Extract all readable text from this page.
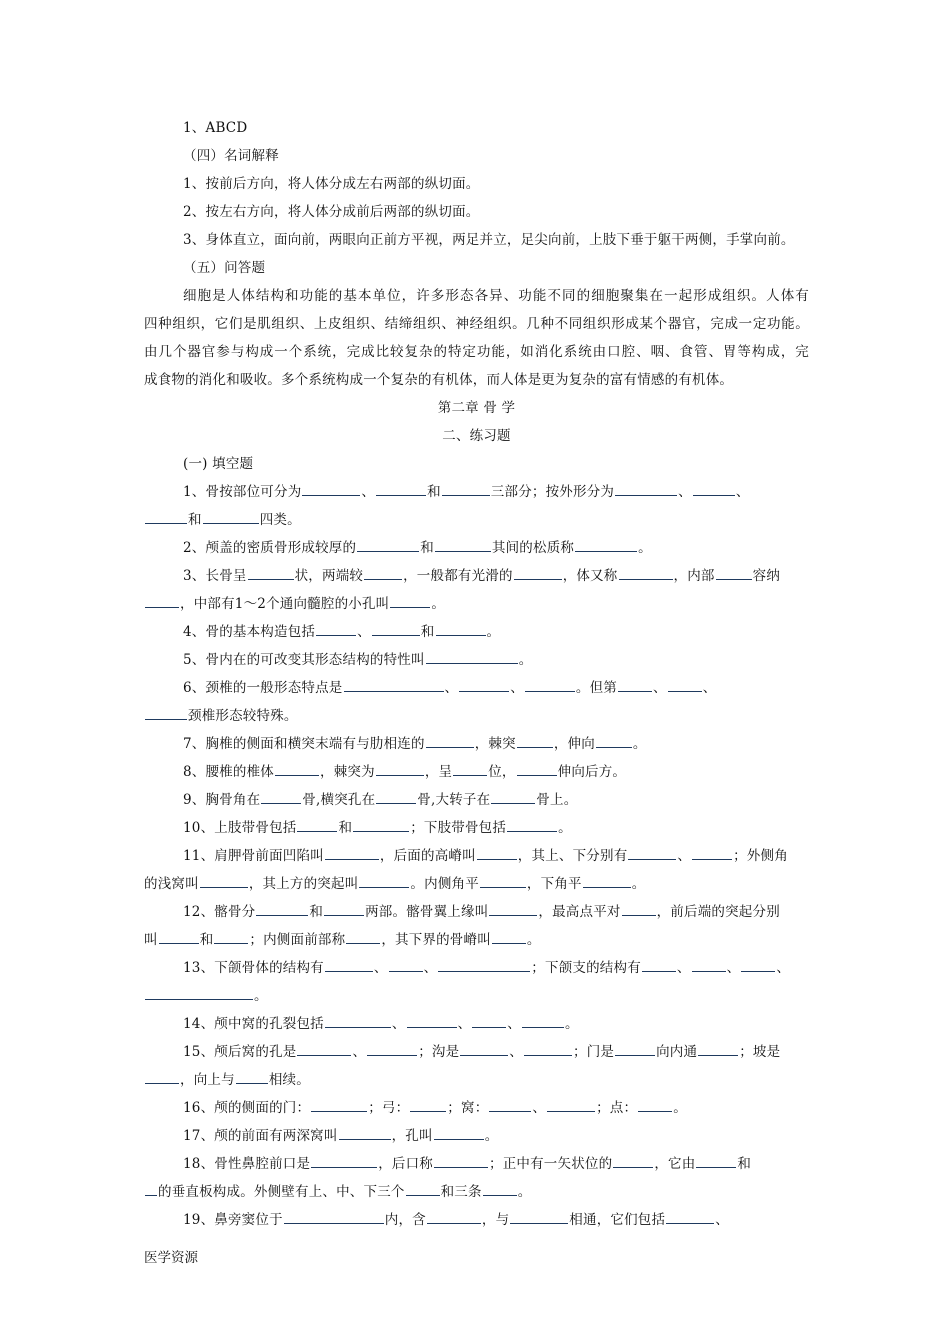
1、ABCD
（四）名词解释
1、按前后方向，将人体分成左右两部的纵切面。
2、按左右方向，将人体分成前后两部的纵切面。
3、身体直立，面向前，两眼向正前方平视，两足并立，足尖向前，上肢下垂于躯干两侧，手掌向前。
（五）问答题
细胞是人体结构和功能的基本单位，许多形态各异、功能不同的细胞聚集在一起形成组织。人体有
四种组织，它们是肌组织、上皮组织、结缔组织、神经组织。几种不同组织形成某个器官，完成一定功能。
由几个器官参与构成一个系统，完成比较复杂的特定功能，如消化系统由口腔、咽、食管、胃等构成，完
成食物的消化和吸收。多个系统构成一个复杂的有机体，而人体是更为复杂的富有情感的有机体。
第二章 骨 学
二、练习题
(一) 填空题
1、骨按部位可分为	、	和	三部分；按外形分为	、	、
和	四类。
2、颅盖的密质骨形成较厚的	和	其间的松质称	。
3、长骨呈	状，两端较	，一般都有光滑的	，体又称	，内部	容纳
，中部有1～2个通向髓腔的小孔叫	。
4、骨的基本构造包括	、	和	。
5、骨内在的可改变其形态结构的特性叫	。
6、颈椎的一般形态特点是	、	、	。但第	、	、
颈椎形态较特殊。
7、胸椎的侧面和横突末端有与肋相连的	，棘突	，伸向	。
8、腰椎的椎体	，棘突为	，呈	位，	伸向后方。
9、胸骨角在	骨,横突孔在	骨,大转子在	骨上。
10、上肢带骨包括	和	；下肢带骨包括	。
11、肩胛骨前面凹陷叫	，后面的高嵴叫	，其上、下分别有	、	；外侧角
的浅窝叫	，其上方的突起叫	。内侧角平	，下角平	。
12、髂骨分	和	两部。髂骨翼上缘叫	，最高点平对	，前后端的突起分别
叫	和	；内侧面前部称	，其下界的骨嵴叫	。
13、下颌骨体的结构有	、	、	；下颌支的结构有	、	、	、
。
14、颅中窝的孔裂包括	、	、	、	。
15、颅后窝的孔是	、	；沟是	、	；门是	向内通	；坡是
，向上与	相续。
16、颅的侧面的门：	；弓：	；窝：	、	；点：	。
17、颅的前面有两深窝叫	，孔叫	。
18、骨性鼻腔前口是	，后口称	；正中有一矢状位的	，它由	和
的垂直板构成。外侧壁有上、中、下三个	和三条	。
19、鼻旁窦位于	内，含	，与	相通，它们包括	、
医学资源
